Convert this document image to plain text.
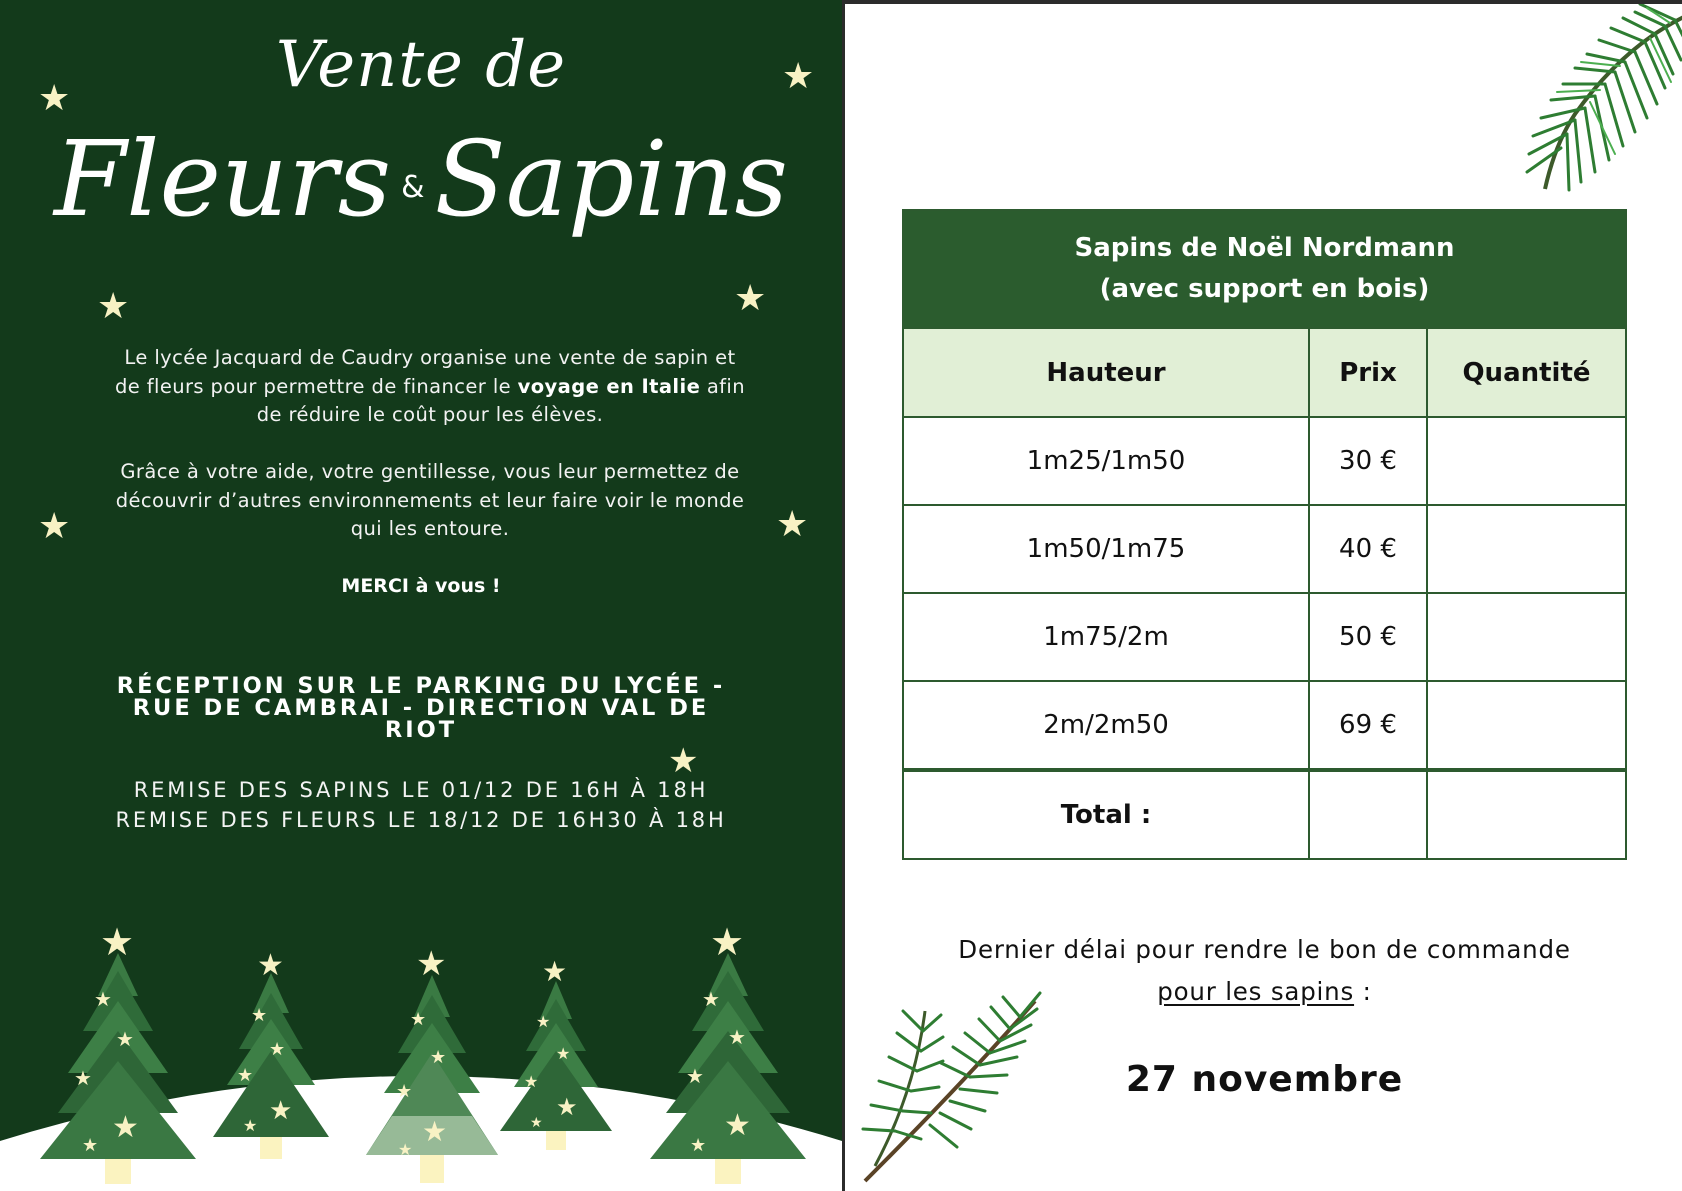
Vente de
Fleurs &Sapins
★
★
★	★
★	★
★
Le lycée Jacquard de Caudry organise une vente de sapin et de fleurs pour permettre de financer le voyage en Italie afin de réduire le coût pour les élèves.
Grâce à votre aide, votre gentillesse, vous leur permettez de découvrir d’autres environnements et leur faire voir le monde qui les entoure.
MERCI à vous !
RÉCEPTION SUR LE PARKING DU LYCÉE - RUE DE CAMBRAI - DIRECTION VAL DE RIOT
REMISE DES SAPINS LE 01/12 DE 16H À 18H
REMISE DES FLEURS LE 18/12 DE 16H30 À 18H
★
★
★
★
★
★
★
★
★
★
★
★
★
★
★
★
★
★
★
★
★
★
★
★
★
★
★
★
★
★
Sapins de Noël Nordmann
(avec support en bois)		
Hauteur	Prix	Quantité
1m25/1m50	30 €	
1m50/1m75	40 €	
1m75/2m	50 €	
2m/2m50	69 €	
Total :		
Dernier délai pour rendre le bon de commande
pour les sapins :
27 novembre
